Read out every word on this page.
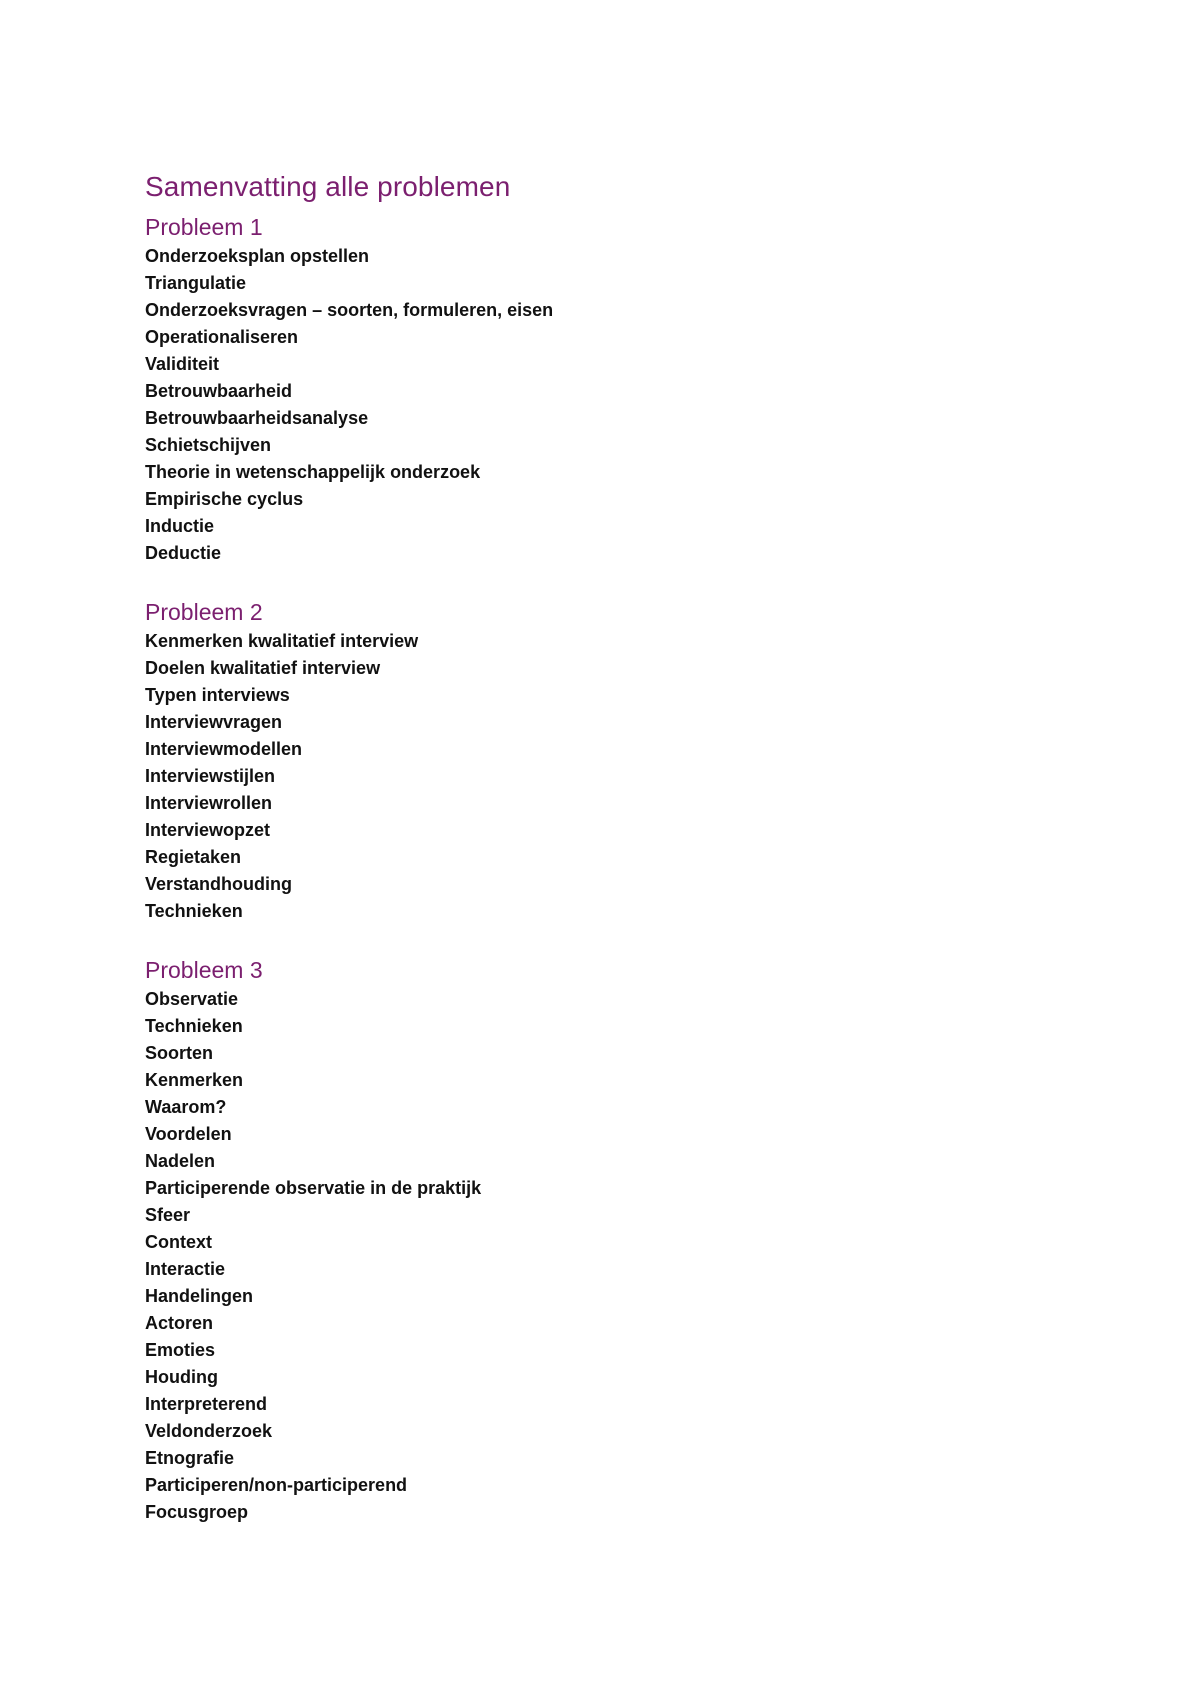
Samenvatting alle problemen
Probleem 1
Onderzoeksplan opstellen
Triangulatie
Onderzoeksvragen – soorten, formuleren, eisen
Operationaliseren
Validiteit
Betrouwbaarheid
Betrouwbaarheidsanalyse
Schietschijven
Theorie in wetenschappelijk onderzoek
Empirische cyclus
Inductie
Deductie
Probleem 2
Kenmerken kwalitatief interview
Doelen kwalitatief interview
Typen interviews
Interviewvragen
Interviewmodellen
Interviewstijlen
Interviewrollen
Interviewopzet
Regietaken
Verstandhouding
Technieken
Probleem 3
Observatie
Technieken
Soorten
Kenmerken
Waarom?
Voordelen
Nadelen
Participerende observatie in de praktijk
Sfeer
Context
Interactie
Handelingen
Actoren
Emoties
Houding
Interpreterend
Veldonderzoek
Etnografie
Participeren/non-participerend
Focusgroep
